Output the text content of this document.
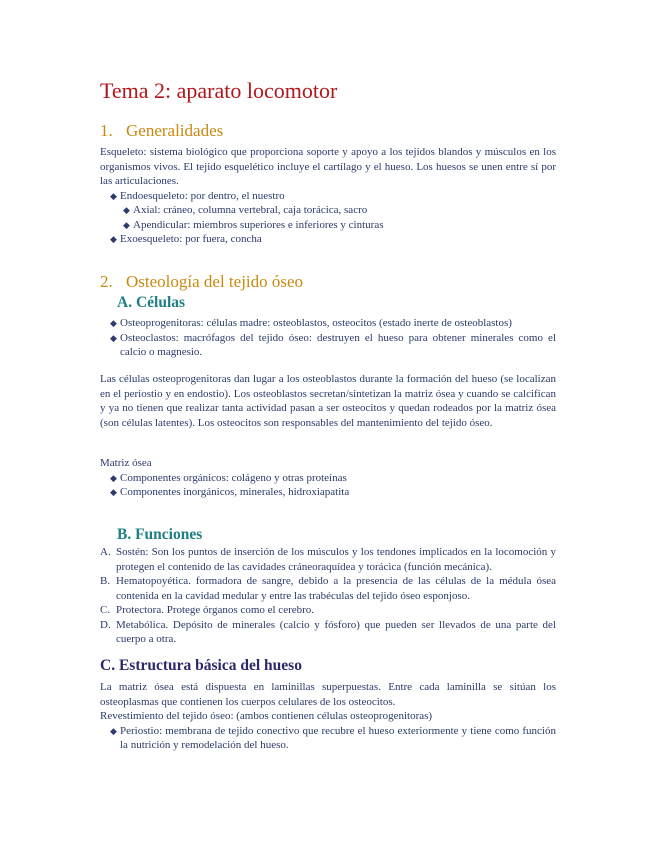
Tema 2: aparato locomotor
1. Generalidades
Esqueleto: sistema biológico que proporciona soporte y apoyo a los tejidos blandos y músculos en los organismos vivos. El tejido esquelético incluye el cartílago y el hueso. Los huesos se unen entre sí por las articulaciones.
◆ Endoesqueleto: por dentro, el nuestro
◆ Axial: cráneo, columna vertebral, caja torácica, sacro
◆ Apendicular: miembros superiores e inferiores y cinturas
◆ Exoesqueleto: por fuera, concha
2. Osteología del tejido óseo
A. Células
◆ Osteoprogenitoras: células madre: osteoblastos, osteocitos (estado inerte de osteoblastos)
◆ Osteoclastos: macrófagos del tejido óseo: destruyen el hueso para obtener minerales como el calcio o magnesio.
Las células osteoprogenitoras dan lugar a los osteoblastos durante la formación del hueso (se localizan en el periostio y en endostio). Los osteoblastos secretan/sintetizan la matriz ósea y cuando se calcifican y ya no tienen que realizar tanta actividad pasan a ser osteocitos y quedan rodeados por la matriz ósea (son células latentes). Los osteocitos son responsables del mantenimiento del tejido óseo.
Matriz ósea
◆ Componentes orgánicos: colágeno y otras proteínas
◆ Componentes inorgánicos, minerales, hidroxiapatita
B. Funciones
A. Sostén: Son los puntos de inserción de los músculos y los tendones implicados en la locomoción y protegen el contenido de las cavidades cráneoraquídea y torácica (función mecánica).
B. Hematopoyética. formadora de sangre, debido a la presencia de las células de la médula ósea contenida en la cavidad medular y entre las trabéculas del tejido óseo esponjoso.
C. Protectora. Protege órganos como el cerebro.
D. Metabólica. Depósito de minerales (calcio y fósforo) que pueden ser llevados de una parte del cuerpo a otra.
C. Estructura básica del hueso
La matriz ósea está dispuesta en laminillas superpuestas. Entre cada laminilla se sitúan los osteoplasmas que contienen los cuerpos celulares de los osteocitos.
Revestimiento del tejido óseo: (ambos contienen células osteoprogenitoras)
◆ Periostio: membrana de tejido conectivo que recubre el hueso exteriormente y tiene como función la nutrición y remodelación del hueso.
